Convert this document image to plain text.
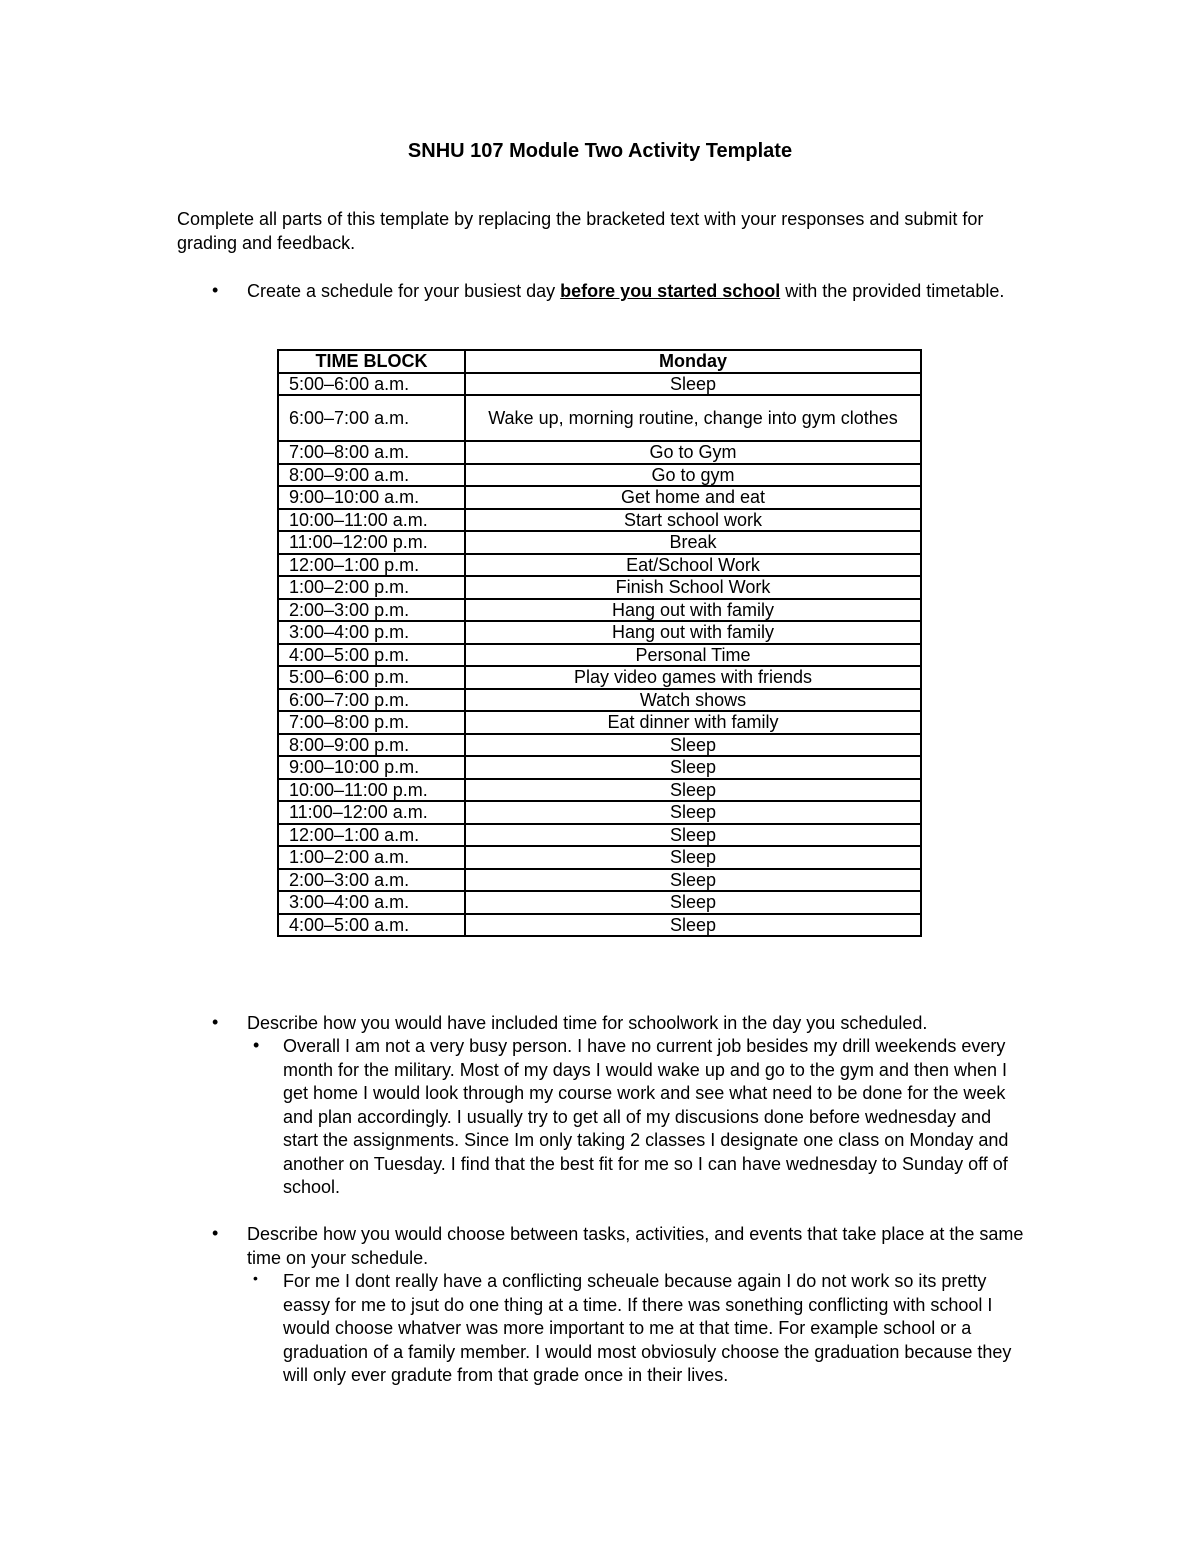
SNHU 107 Module Two Activity Template
Complete all parts of this template by replacing the bracketed text with your responses and submit for grading and feedback.
•	Create a schedule for your busiest day before you started school with the provided timetable.
TIME BLOCK	Monday
5:00–6:00 a.m.	Sleep
6:00–7:00 a.m.	Wake up, morning routine, change into gym clothes
7:00–8:00 a.m.	Go to Gym
8:00–9:00 a.m.	Go to gym
9:00–10:00 a.m.	Get home and eat
10:00–11:00 a.m.	Start school work
11:00–12:00 p.m.	Break
12:00–1:00 p.m.	Eat/School Work
1:00–2:00 p.m.	Finish School Work
2:00–3:00 p.m.	Hang out with family
3:00–4:00 p.m.	Hang out with family
4:00–5:00 p.m.	Personal Time
5:00–6:00 p.m.	Play video games with friends
6:00–7:00 p.m.	Watch shows
7:00–8:00 p.m.	Eat dinner with family
8:00–9:00 p.m.	Sleep
9:00–10:00 p.m.	Sleep
10:00–11:00 p.m.	Sleep
11:00–12:00 a.m.	Sleep
12:00–1:00 a.m.	Sleep
1:00–2:00 a.m.	Sleep
2:00–3:00 a.m.	Sleep
3:00–4:00 a.m.	Sleep
4:00–5:00 a.m.	Sleep
•	Describe how you would have included time for schoolwork in the day you scheduled.
•	Overall I am not a very busy person. I have no current job besides my drill weekends every month for the military. Most of my days I would wake up and go to the gym and then when I get home I would look through my course work and see what need to be done for the week and plan accordingly. I usually try to get all of my discusions done before wednesday and start the assignments. Since Im only taking 2 classes I designate one class on Monday and another on Tuesday. I find that the best fit for me so I can have wednesday to Sunday off of school.
•	Describe how you would choose between tasks, activities, and events that take place at the same time on your schedule.
•	For me I dont really have a conflicting scheuale because again I do not work so its pretty eassy for me to jsut do one thing at a time. If there was sonething conflicting with school I would choose whatver was more important to me at that time. For example school or a graduation of a family member. I would most obviosuly choose the graduation because they will only ever gradute from that grade once in their lives.
